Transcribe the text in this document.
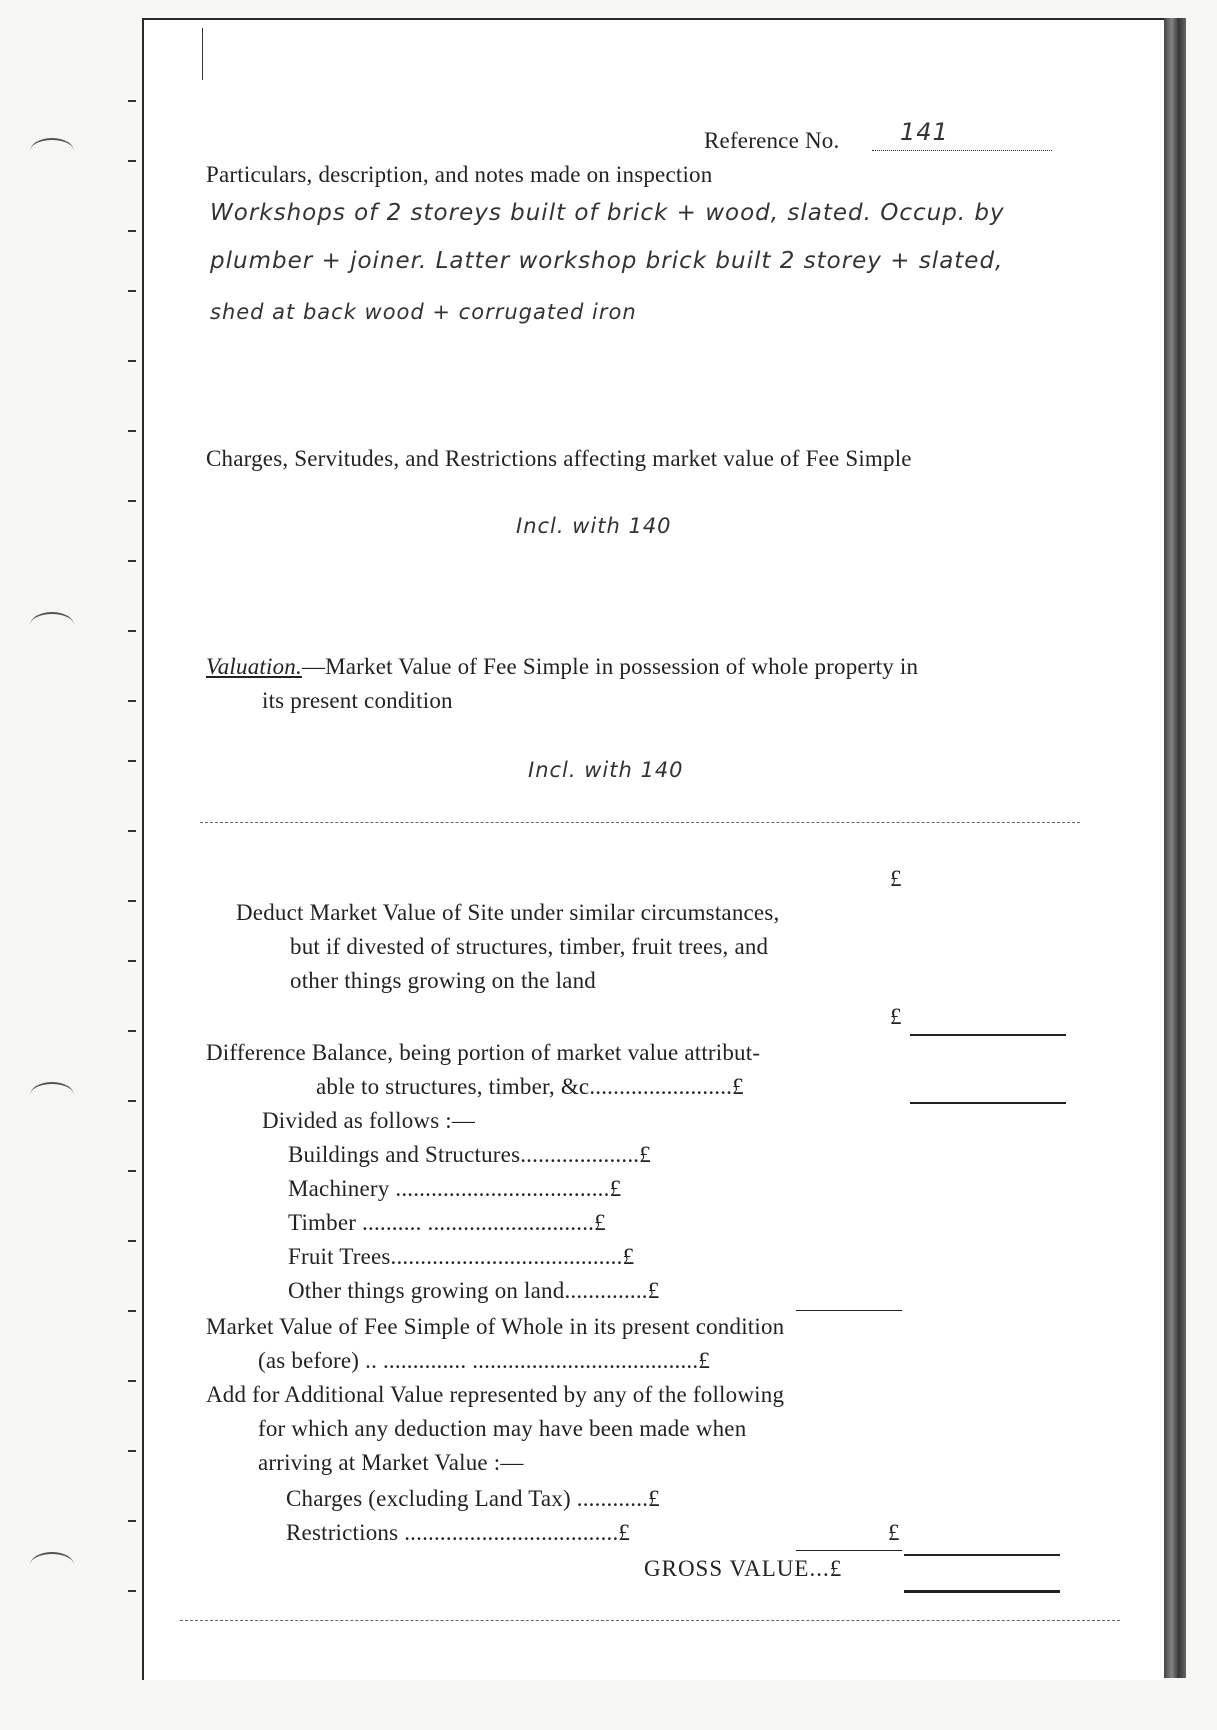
Reference No.	141
Particulars, description, and notes made on inspection
Workshops of 2 storeys built of brick + wood, slated. Occup. by
plumber + joiner. Latter workshop brick built 2 storey + slated,
shed at back wood + corrugated iron
Charges, Servitudes, and Restrictions affecting market value of Fee Simple
Incl. with 140
Valuation.—Market Value of Fee Simple in possession of whole property in
its present condition
Incl. with 140
£
Deduct Market Value of Site under similar circumstances,
but if divested of structures, timber, fruit trees, and
other things growing on the land
£
Difference Balance, being portion of market value attribut-
able to structures, timber, &c........................£
Divided as follows :—
Buildings and Structures....................£
Machinery ....................................£
Timber .......... ............................£
Fruit Trees.......................................£
Other things growing on land..............£
Market Value of Fee Simple of Whole in its present condition
(as before) .. .............. ......................................£
Add for Additional Value represented by any of the following
for which any deduction may have been made when
arriving at Market Value :—
Charges (excluding Land Tax) ............£
Restrictions ....................................£	£
GROSS VALUE...£
